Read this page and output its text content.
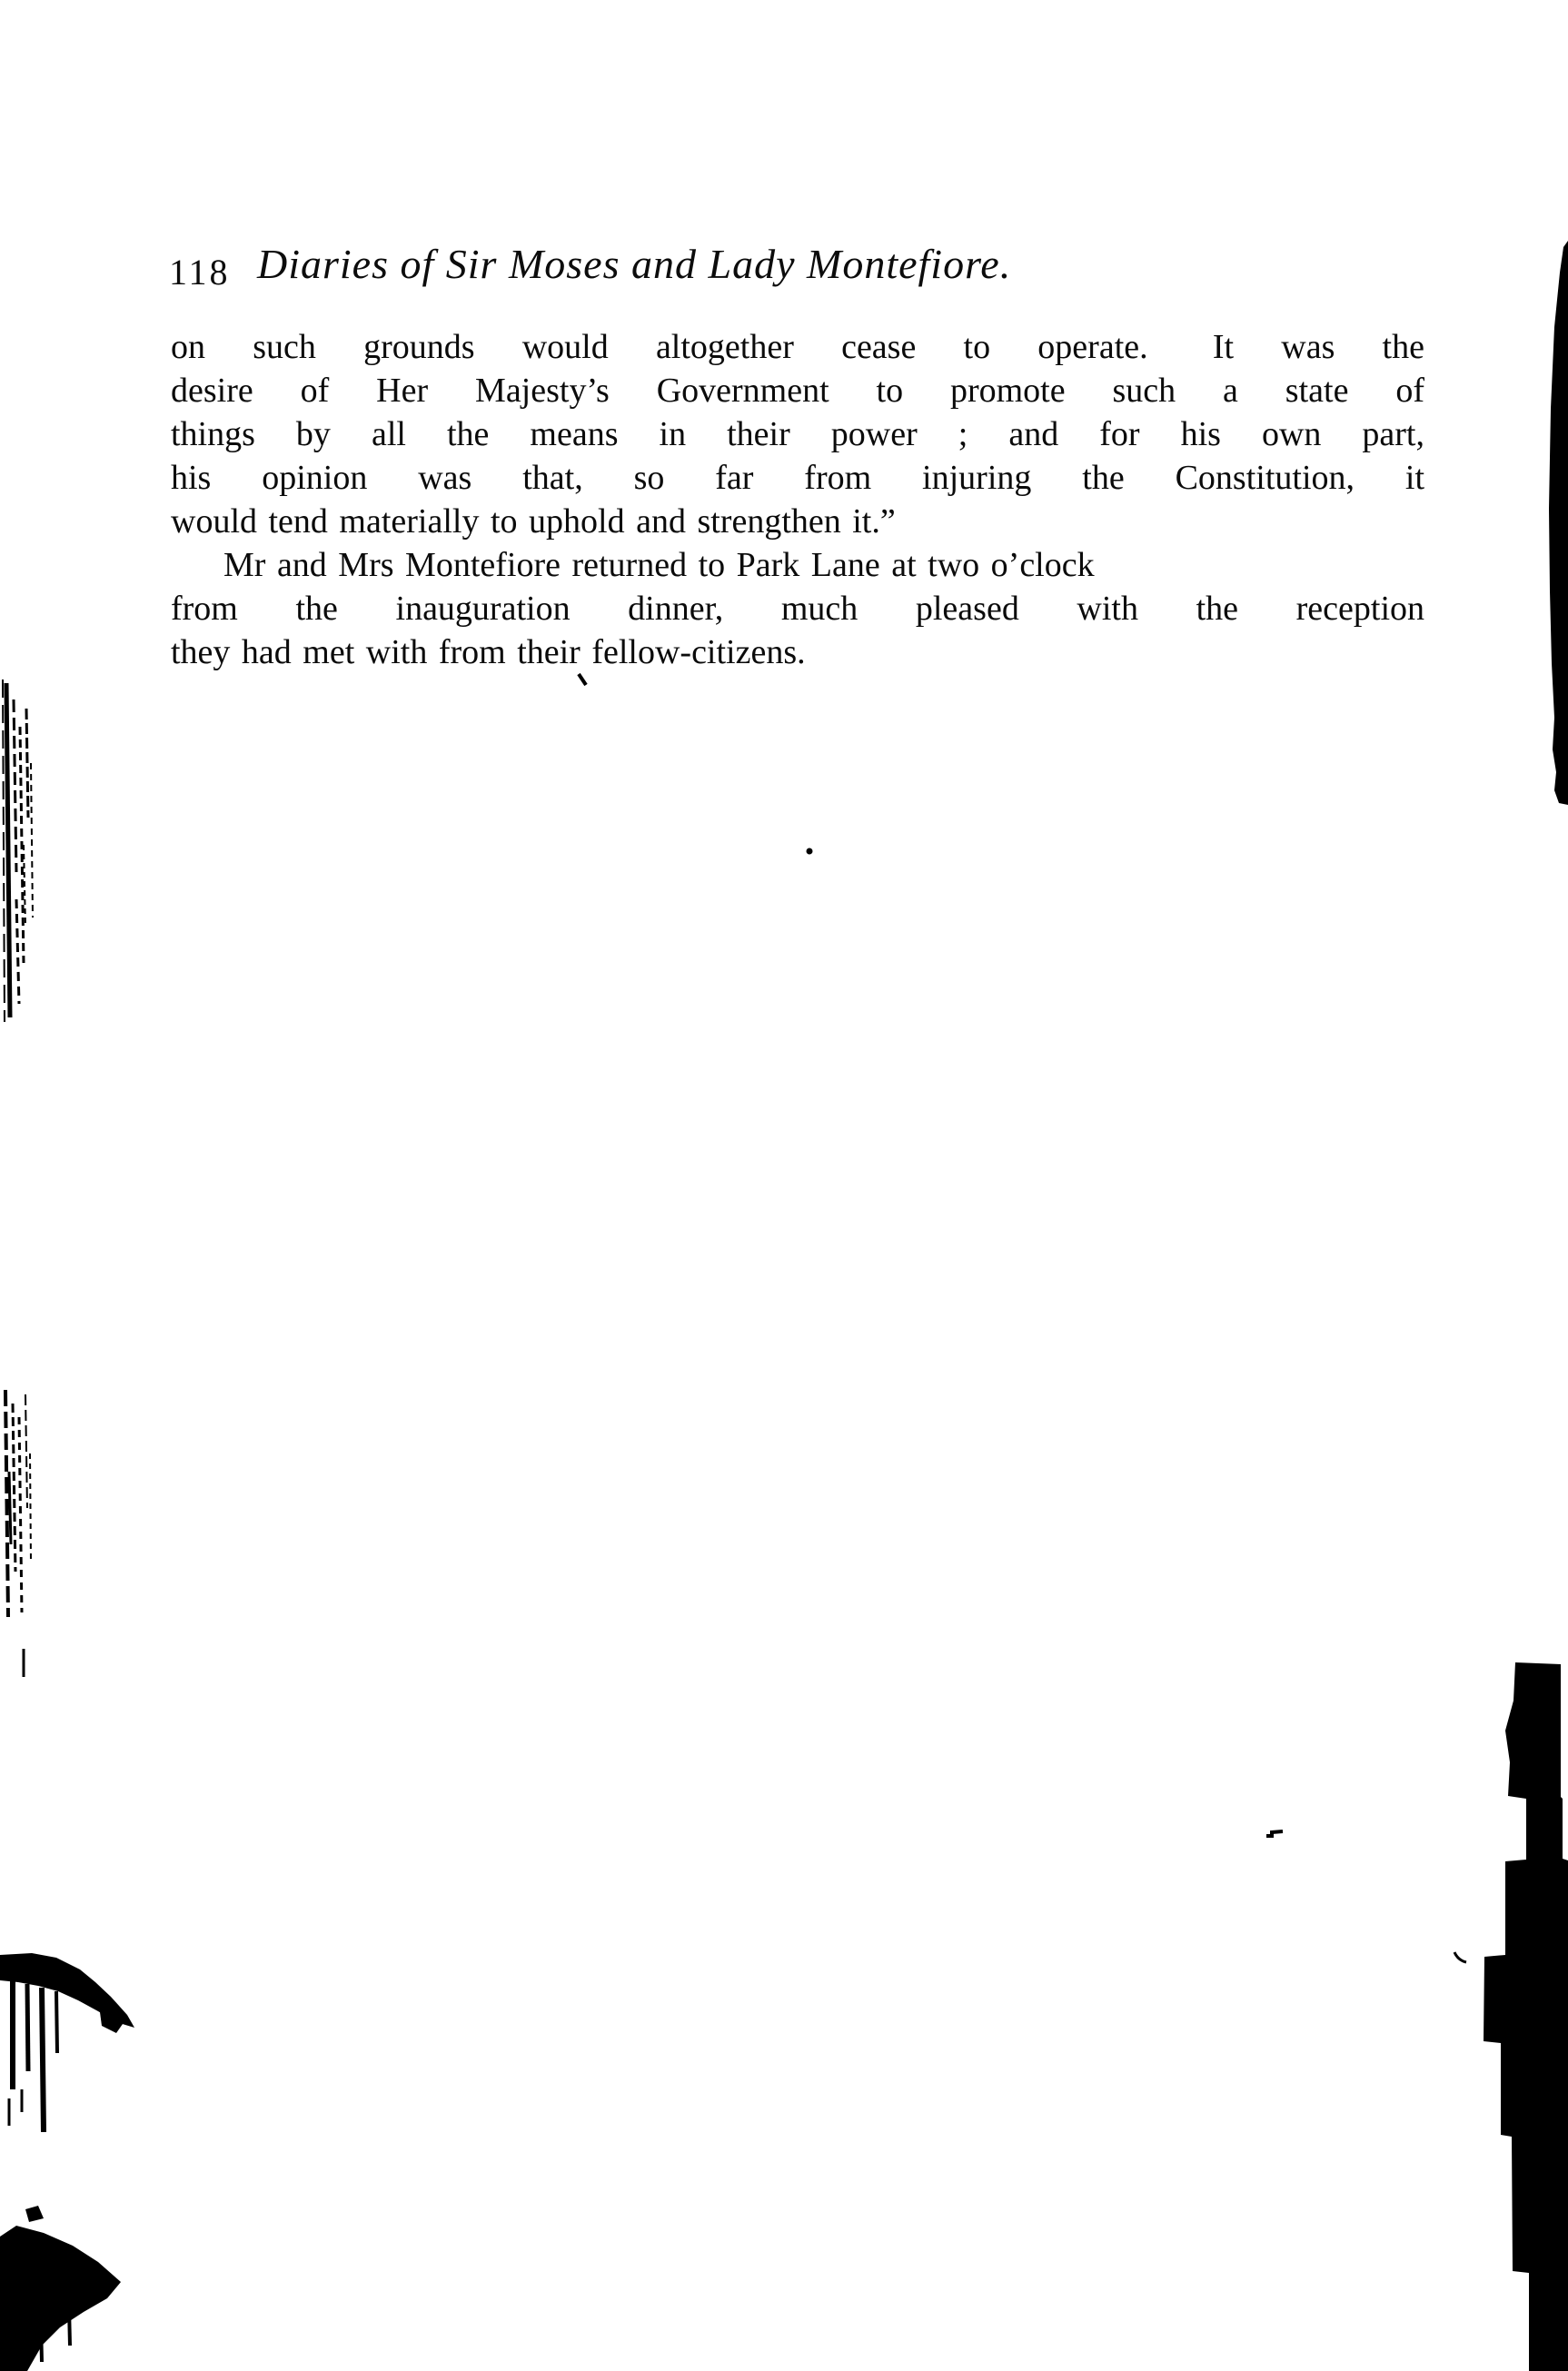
118 Diaries of Sir Moses and Lady Montefiore.
on such grounds would altogether cease to operate.  It was the
desire of Her Majesty’s Government to promote such a state of
things by all the means in their power ; and for his own part,
his opinion was that, so far from injuring the Constitution, it
would tend materially to uphold and strengthen it.”
Mr and Mrs Montefiore returned to Park Lane at two o’clock
from the inauguration dinner, much pleased with the reception
they had met with from their fellow-citizens.
